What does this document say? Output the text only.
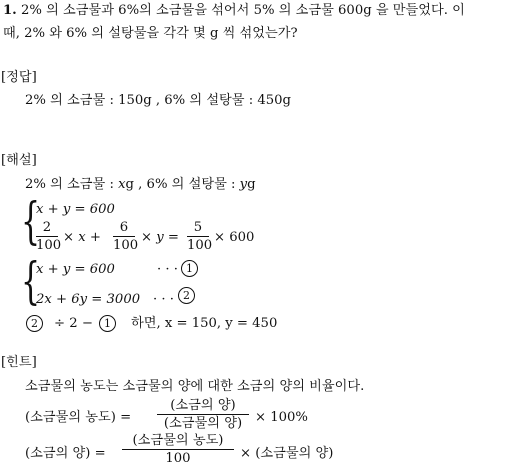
1. 2% 의 소금물과 6%의 소금물을 섞어서 5% 의 소금물 600g 을 만들었다. 이
때, 2% 와 6% 의 설탕물을 각각 몇 g 씩 섞었는가?
[정답]
2% 의 소금물 : 150g , 6% 의 설탕물 : 450g
[해설]
2% 의 소금물 : xg , 6% 의 설탕물 : yg
{
x + y = 600
2
100
× x +
6
100
× y =
5
100
× 600
{
x + y = 600	· · · 1
2x + 6y = 3000 · · · 2
2	÷ 2 −	1	하면, x = 150, y = 450
[힌트]
소금물의 농도는 소금물의 양에 대한 소금의 양의 비율이다.
(소금물의 농도) =
(소금의 양)
(소금물의 양) × 100%
(소금의 양) =
(소금물의 농도)
100	× (소금물의 양)
